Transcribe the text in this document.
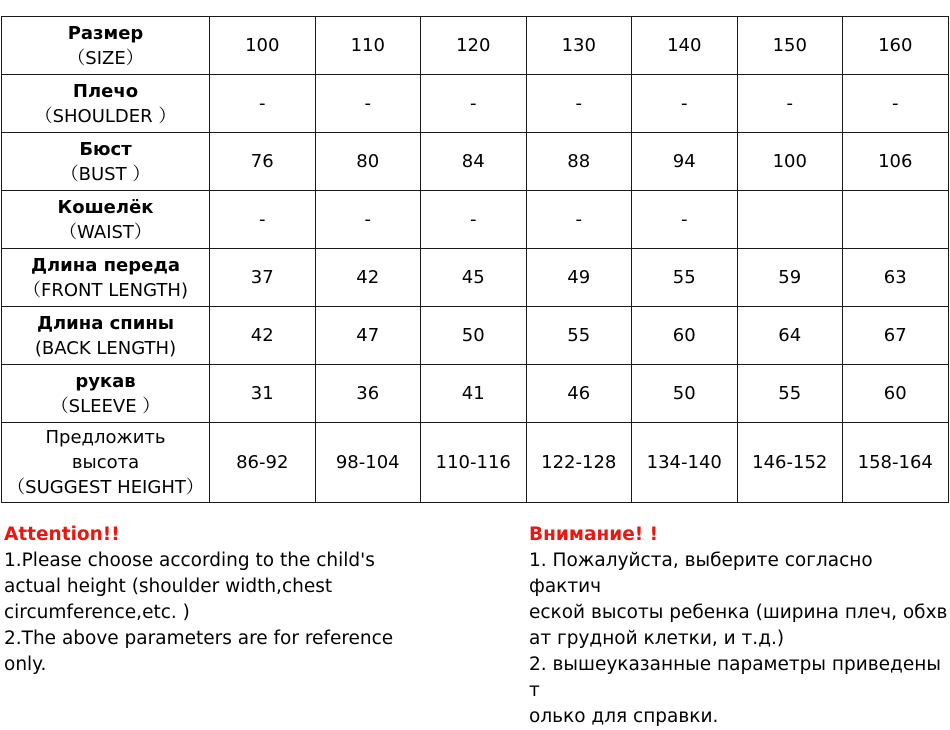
Размер
（SIZE）	100	110	120	130	140	150	160

Плечо
（SHOULDER ）	-	-	-	-	-	-	-

Бюст
（BUST ）	76	80	84	88	94	100	106

Кошелёк
（WAIST）	-	-	-	-	-		

Длина переда
（FRONT LENGTH)	37	42	45	49	55	59	63

Длина спины
(BACK LENGTH)	42	47	50	55	60	64	67

рукав
（SLEEVE ）	31	36	41	46	50	55	60

Предложить
высота
（SUGGEST HEIGHT）	86-92	98-104	110-116	122-128	134-140	146-152	158-164
Attention!!
1.Please choose according to the child's
actual height (shoulder width,chest
circumference,etc. )
2.The above parameters are for reference
only.
Внимание! !
1. Пожалуйста, выберите согласно фактич
еской высоты ребенка (ширина плеч, обхв
ат грудной клетки, и т.д.)
2. вышеуказанные параметры приведены т
олько для справки.
